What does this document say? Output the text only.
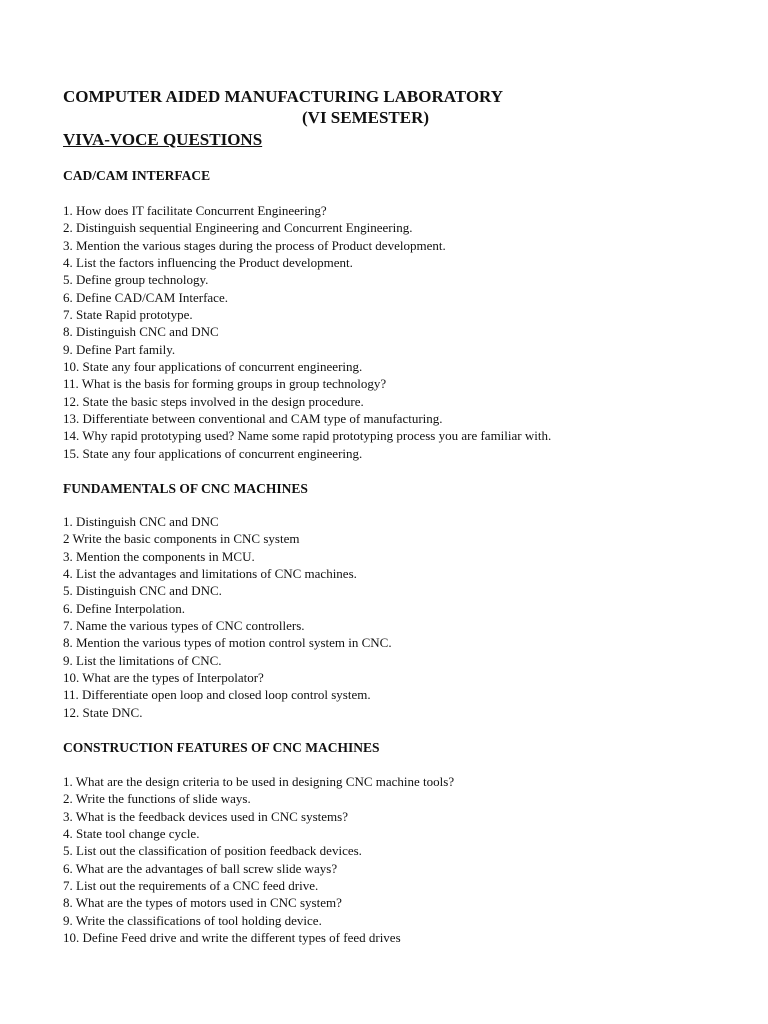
COMPUTER AIDED MANUFACTURING LABORATORY
(VI SEMESTER)
VIVA-VOCE QUESTIONS
CAD/CAM INTERFACE
1. How does IT facilitate Concurrent Engineering?
2. Distinguish sequential Engineering and Concurrent Engineering.
3. Mention the various stages during the process of Product development.
4. List the factors influencing the Product development.
5. Define group technology.
6. Define CAD/CAM Interface.
7. State Rapid prototype.
8. Distinguish CNC and DNC
9. Define Part family.
10. State any four applications of concurrent engineering.
11. What is the basis for forming groups in group technology?
12. State the basic steps involved in the design procedure.
13. Differentiate between conventional and CAM type of manufacturing.
14. Why rapid prototyping used? Name some rapid prototyping process you are familiar with.
15. State any four applications of concurrent engineering.
FUNDAMENTALS OF CNC MACHINES
1. Distinguish CNC and DNC
2 Write the basic components in CNC system
3. Mention the components in MCU.
4. List the advantages and limitations of CNC machines.
5. Distinguish CNC and DNC.
6. Define Interpolation.
7. Name the various types of CNC controllers.
8. Mention the various types of motion control system in CNC.
9. List the limitations of CNC.
10. What are the types of Interpolator?
11. Differentiate open loop and closed loop control system.
12. State DNC.
CONSTRUCTION FEATURES OF CNC MACHINES
1. What are the design criteria to be used in designing CNC machine tools?
2. Write the functions of slide ways.
3. What is the feedback devices used in CNC systems?
4. State tool change cycle.
5. List out the classification of position feedback devices.
6. What are the advantages of ball screw slide ways?
7. List out the requirements of a CNC feed drive.
8. What are the types of motors used in CNC system?
9. Write the classifications of tool holding device.
10. Define Feed drive and write the different types of feed drives
